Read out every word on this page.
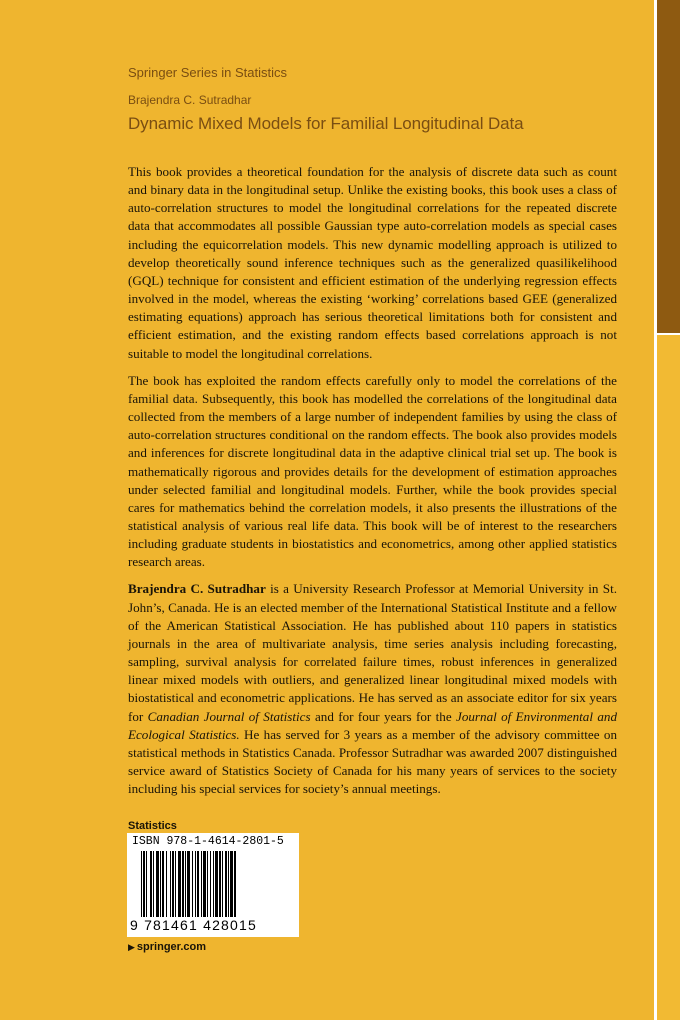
Springer Series in Statistics
Brajendra C. Sutradhar
Dynamic Mixed Models for Familial Longitudinal Data

This book provides a theoretical foundation for the analysis of discrete data such as count and binary data in the longitudinal setup. Unlike the existing books, this book uses a class of auto-correlation structures to model the longitudinal correlations for the repeated discrete data that accommodates all possible Gaussian type auto-correlation models as special cases including the equicorrelation models. This new dynamic modelling approach is utilized to develop theoretically sound inference techniques such as the generalized quasilikelihood (GQL) technique for consistent and efficient estimation of the underlying regression effects involved in the model, whereas the existing ‘working’ correlations based GEE (generalized estimating equations) approach has serious theoretical limitations both for consistent and efficient estimation, and the existing random effects based correlations approach is not suitable to model the longitudinal correlations.

The book has exploited the random effects carefully only to model the correlations of the familial data. Subsequently, this book has modelled the correlations of the longitudinal data collected from the members of a large number of independent families by using the class of auto-correlation structures conditional on the random effects. The book also provides models and inferences for discrete longitudinal data in the adaptive clinical trial set up. The book is mathematically rigorous and provides details for the development of estimation approaches under selected familial and longitudinal models. Further, while the book provides special cares for mathematics behind the correlation models, it also presents the illustrations of the statistical analysis of various real life data. This book will be of interest to the researchers including graduate students in biostatistics and econometrics, among other applied statistics research areas.

Brajendra C. Sutradhar is a University Research Professor at Memorial University in St. John’s, Canada. He is an elected member of the International Statistical Institute and a fellow of the American Statistical Association. He has published about 110 papers in statistics journals in the area of multivariate analysis, time series analysis including forecasting, sampling, survival analysis for correlated failure times, robust inferences in generalized linear mixed models with outliers, and generalized linear longitudinal mixed models with biostatistical and econometric applications. He has served as an associate editor for six years for Canadian Journal of Statistics and for four years for the Journal of Environmental and Ecological Statistics. He has served for 3 years as a member of the advisory committee on statistical methods in Statistics Canada. Professor Sutradhar was awarded 2007 distinguished service award of Statistics Society of Canada for his many years of services to the society including his special services for society’s annual meetings.

Statistics
ISBN 978-1-4614-2801-5
9 781461 428015
▶ springer.com
